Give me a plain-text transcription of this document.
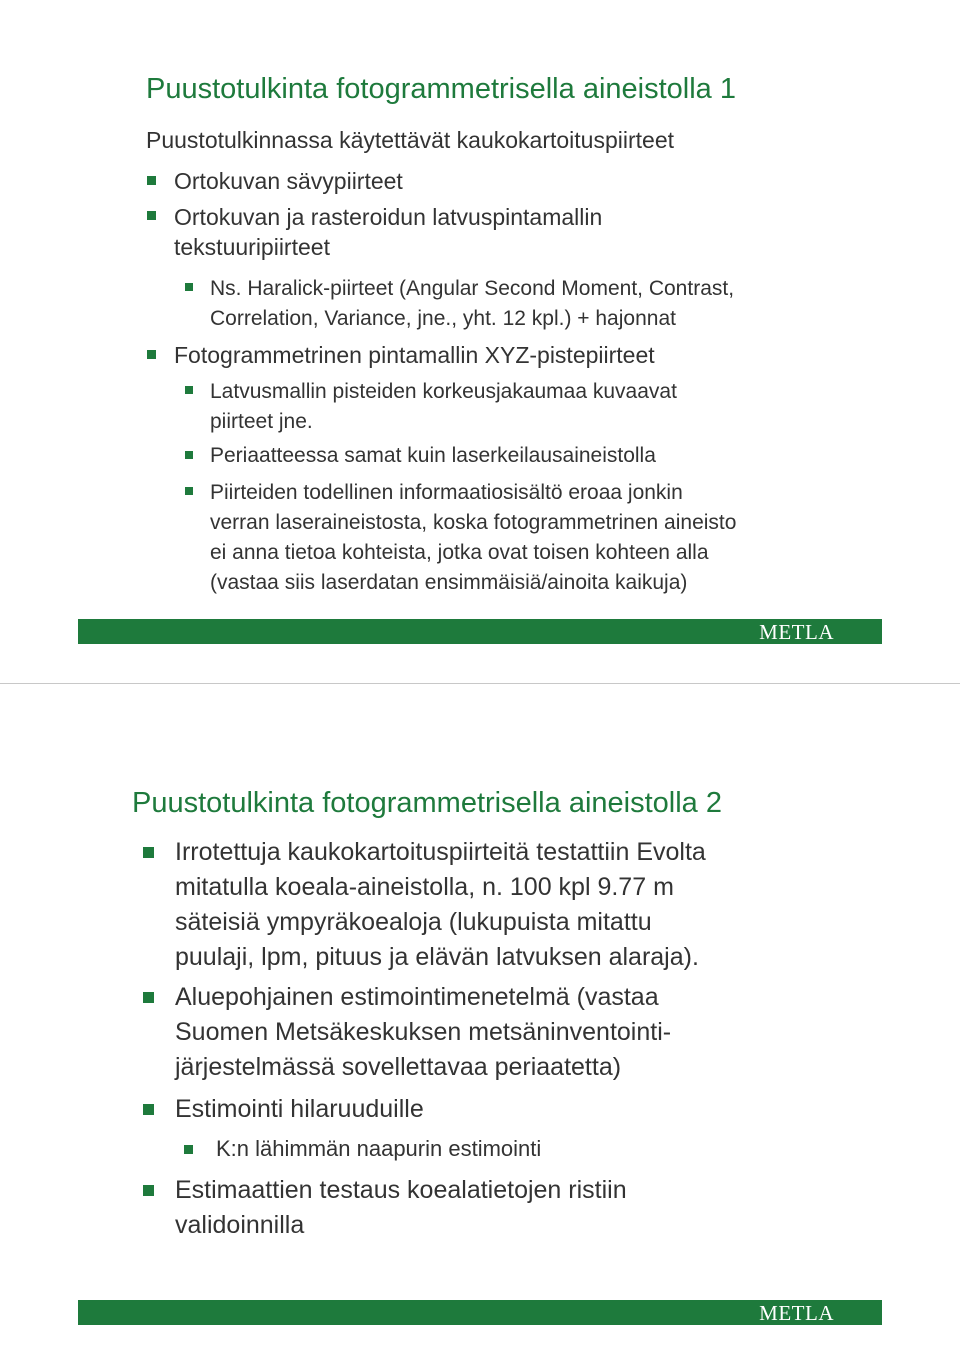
Puustotulkinta fotogrammetrisella aineistolla 1
Puustotulkinnassa käytettävät kaukokartoituspiirteet
Ortokuvan sävypiirteet
Ortokuvan ja rasteroidun latvuspintamallin
tekstuuripiirteet
Ns. Haralick-piirteet (Angular Second Moment, Contrast,
Correlation, Variance, jne., yht. 12 kpl.) + hajonnat
Fotogrammetrinen pintamallin XYZ-pistepiirteet
Latvusmallin pisteiden korkeusjakaumaa kuvaavat
piirteet jne.
Periaatteessa samat kuin laserkeilausaineistolla
Piirteiden todellinen informaatiosisältö eroaa jonkin
verran laseraineistosta, koska fotogrammetrinen aineisto
ei anna tietoa kohteista, jotka ovat toisen kohteen alla
(vastaa siis laserdatan ensimmäisiä/ainoita kaikuja)
METLA
Puustotulkinta fotogrammetrisella aineistolla 2
Irrotettuja kaukokartoituspiirteitä testattiin Evolta
mitatulla koeala-aineistolla, n. 100 kpl 9.77 m
säteisiä ympyräkoealoja (lukupuista mitattu
puulaji, lpm, pituus ja elävän latvuksen alaraja).
Aluepohjainen estimointimenetelmä (vastaa
Suomen Metsäkeskuksen metsäninventointi-
järjestelmässä sovellettavaa periaatetta)
Estimointi hilaruuduille
K:n lähimmän naapurin estimointi
Estimaattien testaus koealatietojen ristiin
validoinnilla
METLA
